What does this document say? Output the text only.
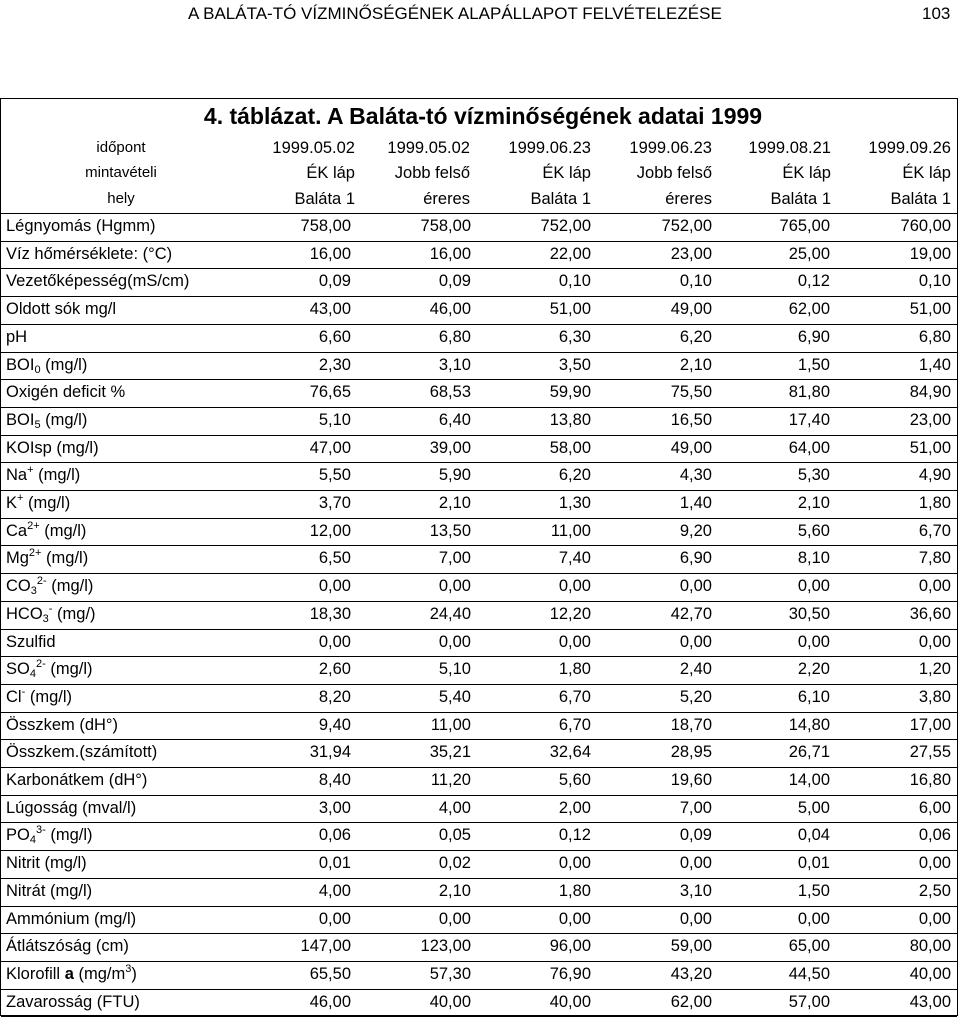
A BALÁTA-TÓ VÍZMINŐSÉGÉNEK ALAPÁLLAPOT FELVÉTELEZÉSE	103
4. táblázat. A Baláta-tó vízminőségének adatai 1999
időpont	1999.05.02 1999.05.02 1999.06.23 1999.06.23 1999.08.21 1999.09.26
mintavételi	ÉK láp Jobb felső	ÉK láp	Jobb felső	ÉK láp	ÉK láp
hely	Baláta 1	éreres	Baláta 1	éreres	Baláta 1	Baláta 1
Légnyomás (Hgmm)	758,00	758,00	752,00	752,00	765,00	760,00
Víz hőmérséklete: (°C)	16,00	16,00	22,00	23,00	25,00	19,00
Vezetőképesség(mS/cm)	0,09	0,09	0,10	0,10	0,12	0,10
Oldott sók mg/l	43,00	46,00	51,00	49,00	62,00	51,00
pH	6,60	6,80	6,30	6,20	6,90	6,80
$BOI_0$ (mg/l)	2,30	3,10	3,50	2,10	1,50	1,40
Oxigén deficit %	76,65	68,53	59,90	75,50	81,80	84,90
$BOI_5$ (mg/l)	5,10	6,40	13,80	16,50	17,40	23,00
KOIsp (mg/l)	47,00	39,00	58,00	49,00	64,00	51,00
Na+ (mg/l)	5,50	5,90	6,20	4,30	5,30	4,90
K+ (mg/l)	3,70	2,10	1,30	1,40	2,10	1,80
$Ca^{2+}$ (mg/l)	12,00	13,50	11,00	9,20	5,60	6,70
$Mg^{2+}$ (mg/l)	6,50	7,00	7,40	6,90	8,10	7,80
$CO_3^{2-}$ (mg/l)	0,00	0,00	0,00	0,00	0,00	0,00
$HCO_3^-$ (mg/)	18,30	24,40	12,20	42,70	30,50	36,60
Szulfid	0,00	0,00	0,00	0,00	0,00	0,00
$SO_4^{2-}$ (mg/l)	2,60	5,10	1,80	2,40	2,20	1,20
Cl- (mg/l)	8,20	5,40	6,70	5,20	6,10	3,80
Összkem (dH°)	9,40	11,00	6,70	18,70	14,80	17,00
Összkem.(számított)	31,94	35,21	32,64	28,95	26,71	27,55
Karbonátkem (dH°)	8,40	11,20	5,60	19,60	14,00	16,80
Lúgosság (mval/l)	3,00	4,00	2,00	7,00	5,00	6,00
$PO_4^{3-}$ (mg/l)	0,06	0,05	0,12	0,09	0,04	0,06
Nitrit (mg/l)	0,01	0,02	0,00	0,00	0,01	0,00
Nitrát (mg/l)	4,00	2,10	1,80	3,10	1,50	2,50
Ammónium (mg/l)	0,00	0,00	0,00	0,00	0,00	0,00
Átlátszóság (cm)	147,00	123,00	96,00	59,00	65,00	80,00
Klorofill a $(mg/m^3)$	65,50	57,30	76,90	43,20	44,50	40,00
Zavarosság (FTU)	46,00	40,00	40,00	62,00	57,00	43,00
